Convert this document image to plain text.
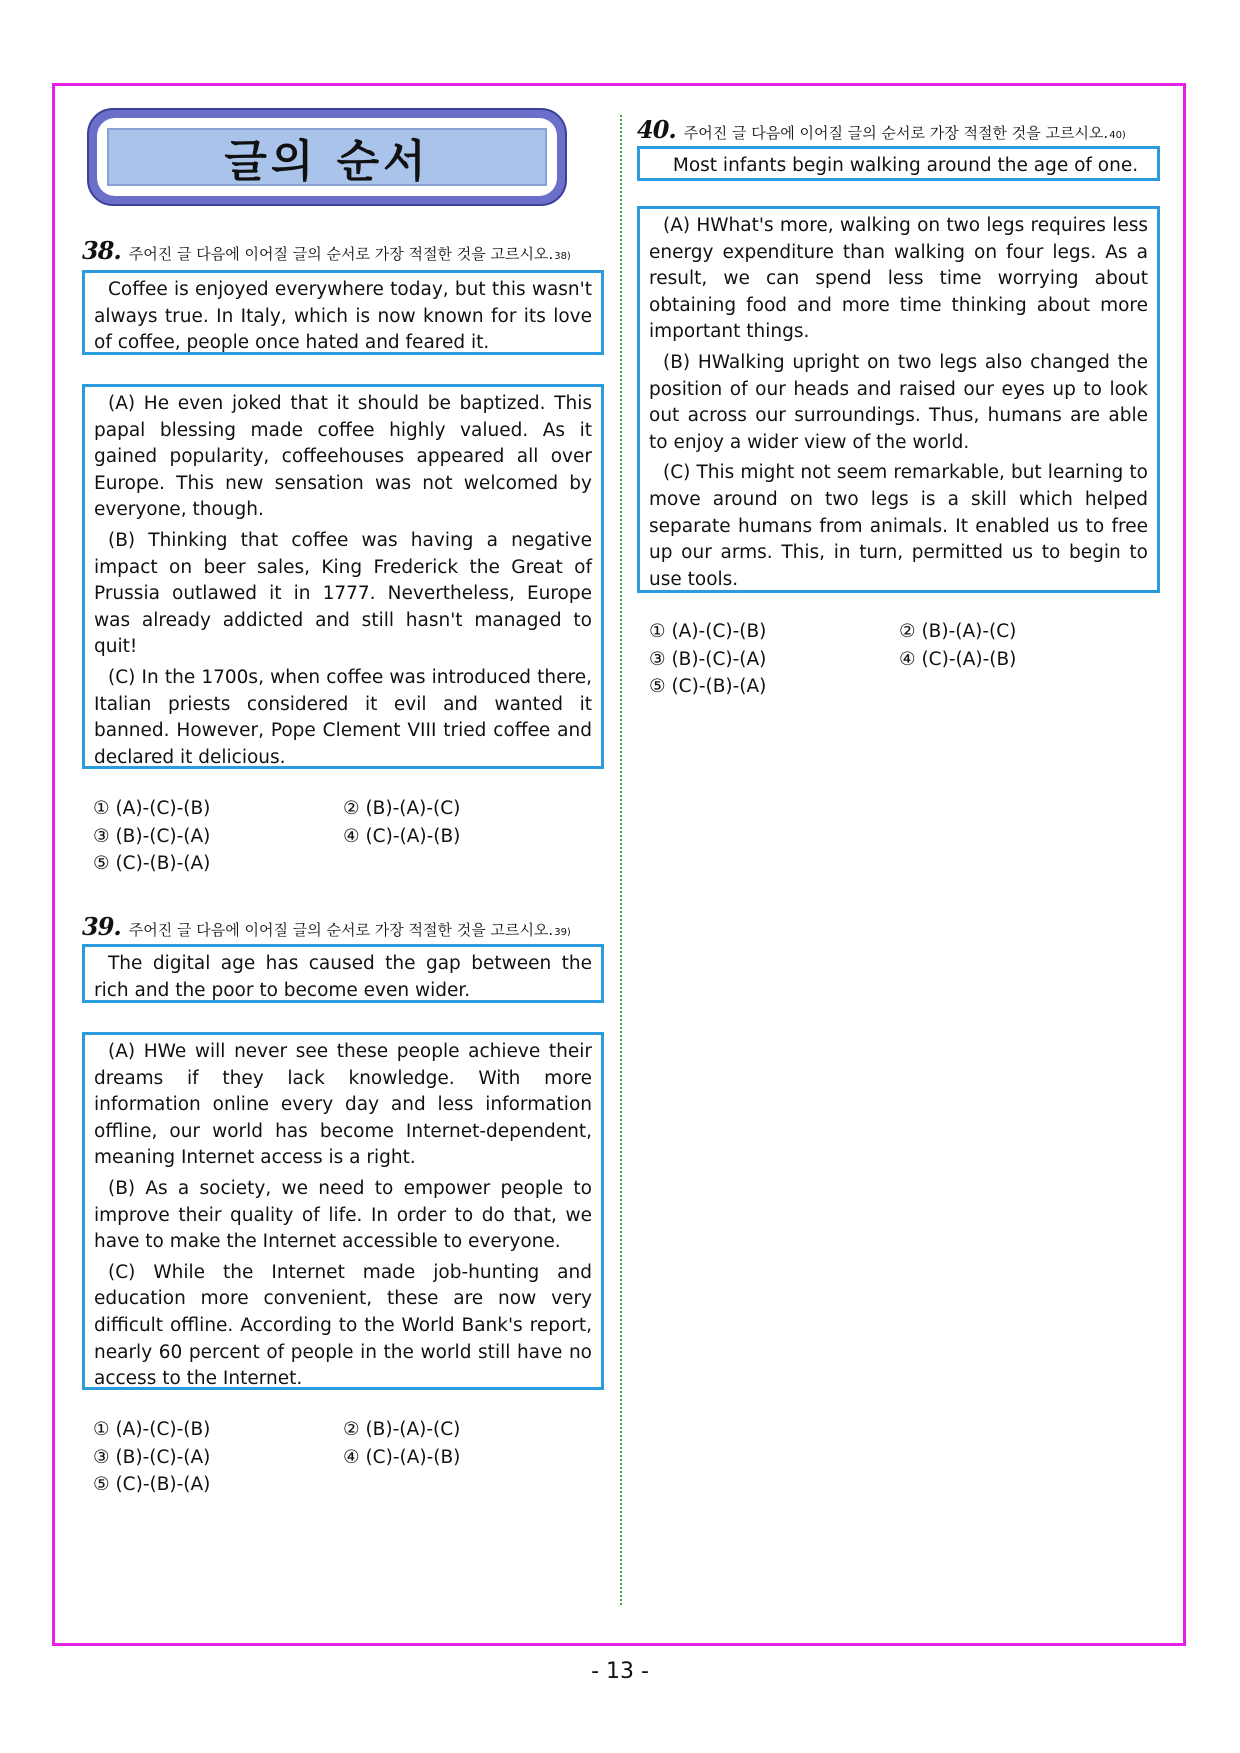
글의 순서
38. 주어진 글 다음에 이어질 글의 순서로 가장 적절한 것을 고르시오. 38)

Coffee is enjoyed everywhere today, but this wasn't always true. In Italy, which is now known for its love of coffee, people once hated and feared it.

(A) He even joked that it should be baptized. This papal blessing made coffee highly valued. As it gained popularity, coffeehouses appeared all over Europe. This new sensation was not welcomed by everyone, though.

(B) Thinking that coffee was having a negative impact on beer sales, King Frederick the Great of Prussia outlawed it in 1777. Nevertheless, Europe was already addicted and still hasn't managed to quit!

(C) In the 1700s, when coffee was introduced there, Italian priests considered it evil and wanted it banned. However, Pope Clement VIII tried coffee and declared it delicious.

① (A)-(C)-(B)	② (B)-(A)-(C)
③ (B)-(C)-(A)	④ (C)-(A)-(B)
⑤ (C)-(B)-(A)
39. 주어진 글 다음에 이어질 글의 순서로 가장 적절한 것을 고르시오. 39)

The digital age has caused the gap between the rich and the poor to become even wider.

(A) HWe will never see these people achieve their dreams if they lack knowledge. With more information online every day and less information offline, our world has become Internet-dependent, meaning Internet access is a right.

(B) As a society, we need to empower people to improve their quality of life. In order to do that, we have to make the Internet accessible to everyone.

(C) While the Internet made job-hunting and education more convenient, these are now very difficult offline. According to the World Bank's report, nearly 60 percent of people in the world still have no access to the Internet.

① (A)-(C)-(B)	② (B)-(A)-(C)
③ (B)-(C)-(A)	④ (C)-(A)-(B)
⑤ (C)-(B)-(A)
40. 주어진 글 다음에 이어질 글의 순서로 가장 적절한 것을 고르시오. 40)

Most infants begin walking around the age of one.

(A) HWhat's more, walking on two legs requires less energy expenditure than walking on four legs. As a result, we can spend less time worrying about obtaining food and more time thinking about more important things.

(B) HWalking upright on two legs also changed the position of our heads and raised our eyes up to look out across our surroundings. Thus, humans are able to enjoy a wider view of the world.

(C) This might not seem remarkable, but learning to move around on two legs is a skill which helped separate humans from animals. It enabled us to free up our arms. This, in turn, permitted us to begin to use tools.

① (A)-(C)-(B)	② (B)-(A)-(C)
③ (B)-(C)-(A)	④ (C)-(A)-(B)
⑤ (C)-(B)-(A)
- 13 -
